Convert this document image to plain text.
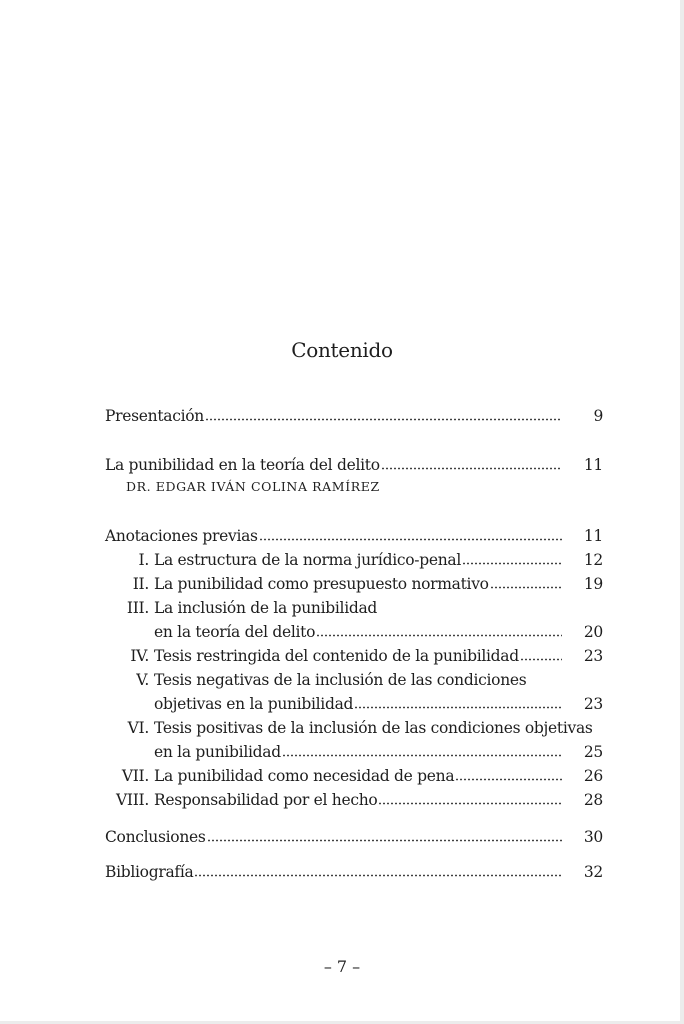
Contenido
Presentación	9
La punibilidad en la teoría del delito	11
DR. EDGAR IVÁN COLINA RAMÍREZ
Anotaciones previas	11
I. La estructura de la norma jurídico-penal	12
II. La punibilidad como presupuesto normativo	19
III. La inclusión de la punibilidad
en la teoría del delito	20
IV. Tesis restringida del contenido de la punibilidad	23
V. Tesis negativas de la inclusión de las condiciones
objetivas en la punibilidad	23
VI. Tesis positivas de la inclusión de las condiciones objetivas
en la punibilidad	25
VII. La punibilidad como necesidad de pena	26
VIII. Responsabilidad por el hecho	28
Conclusiones	30
Bibliografía	32
– 7 –
